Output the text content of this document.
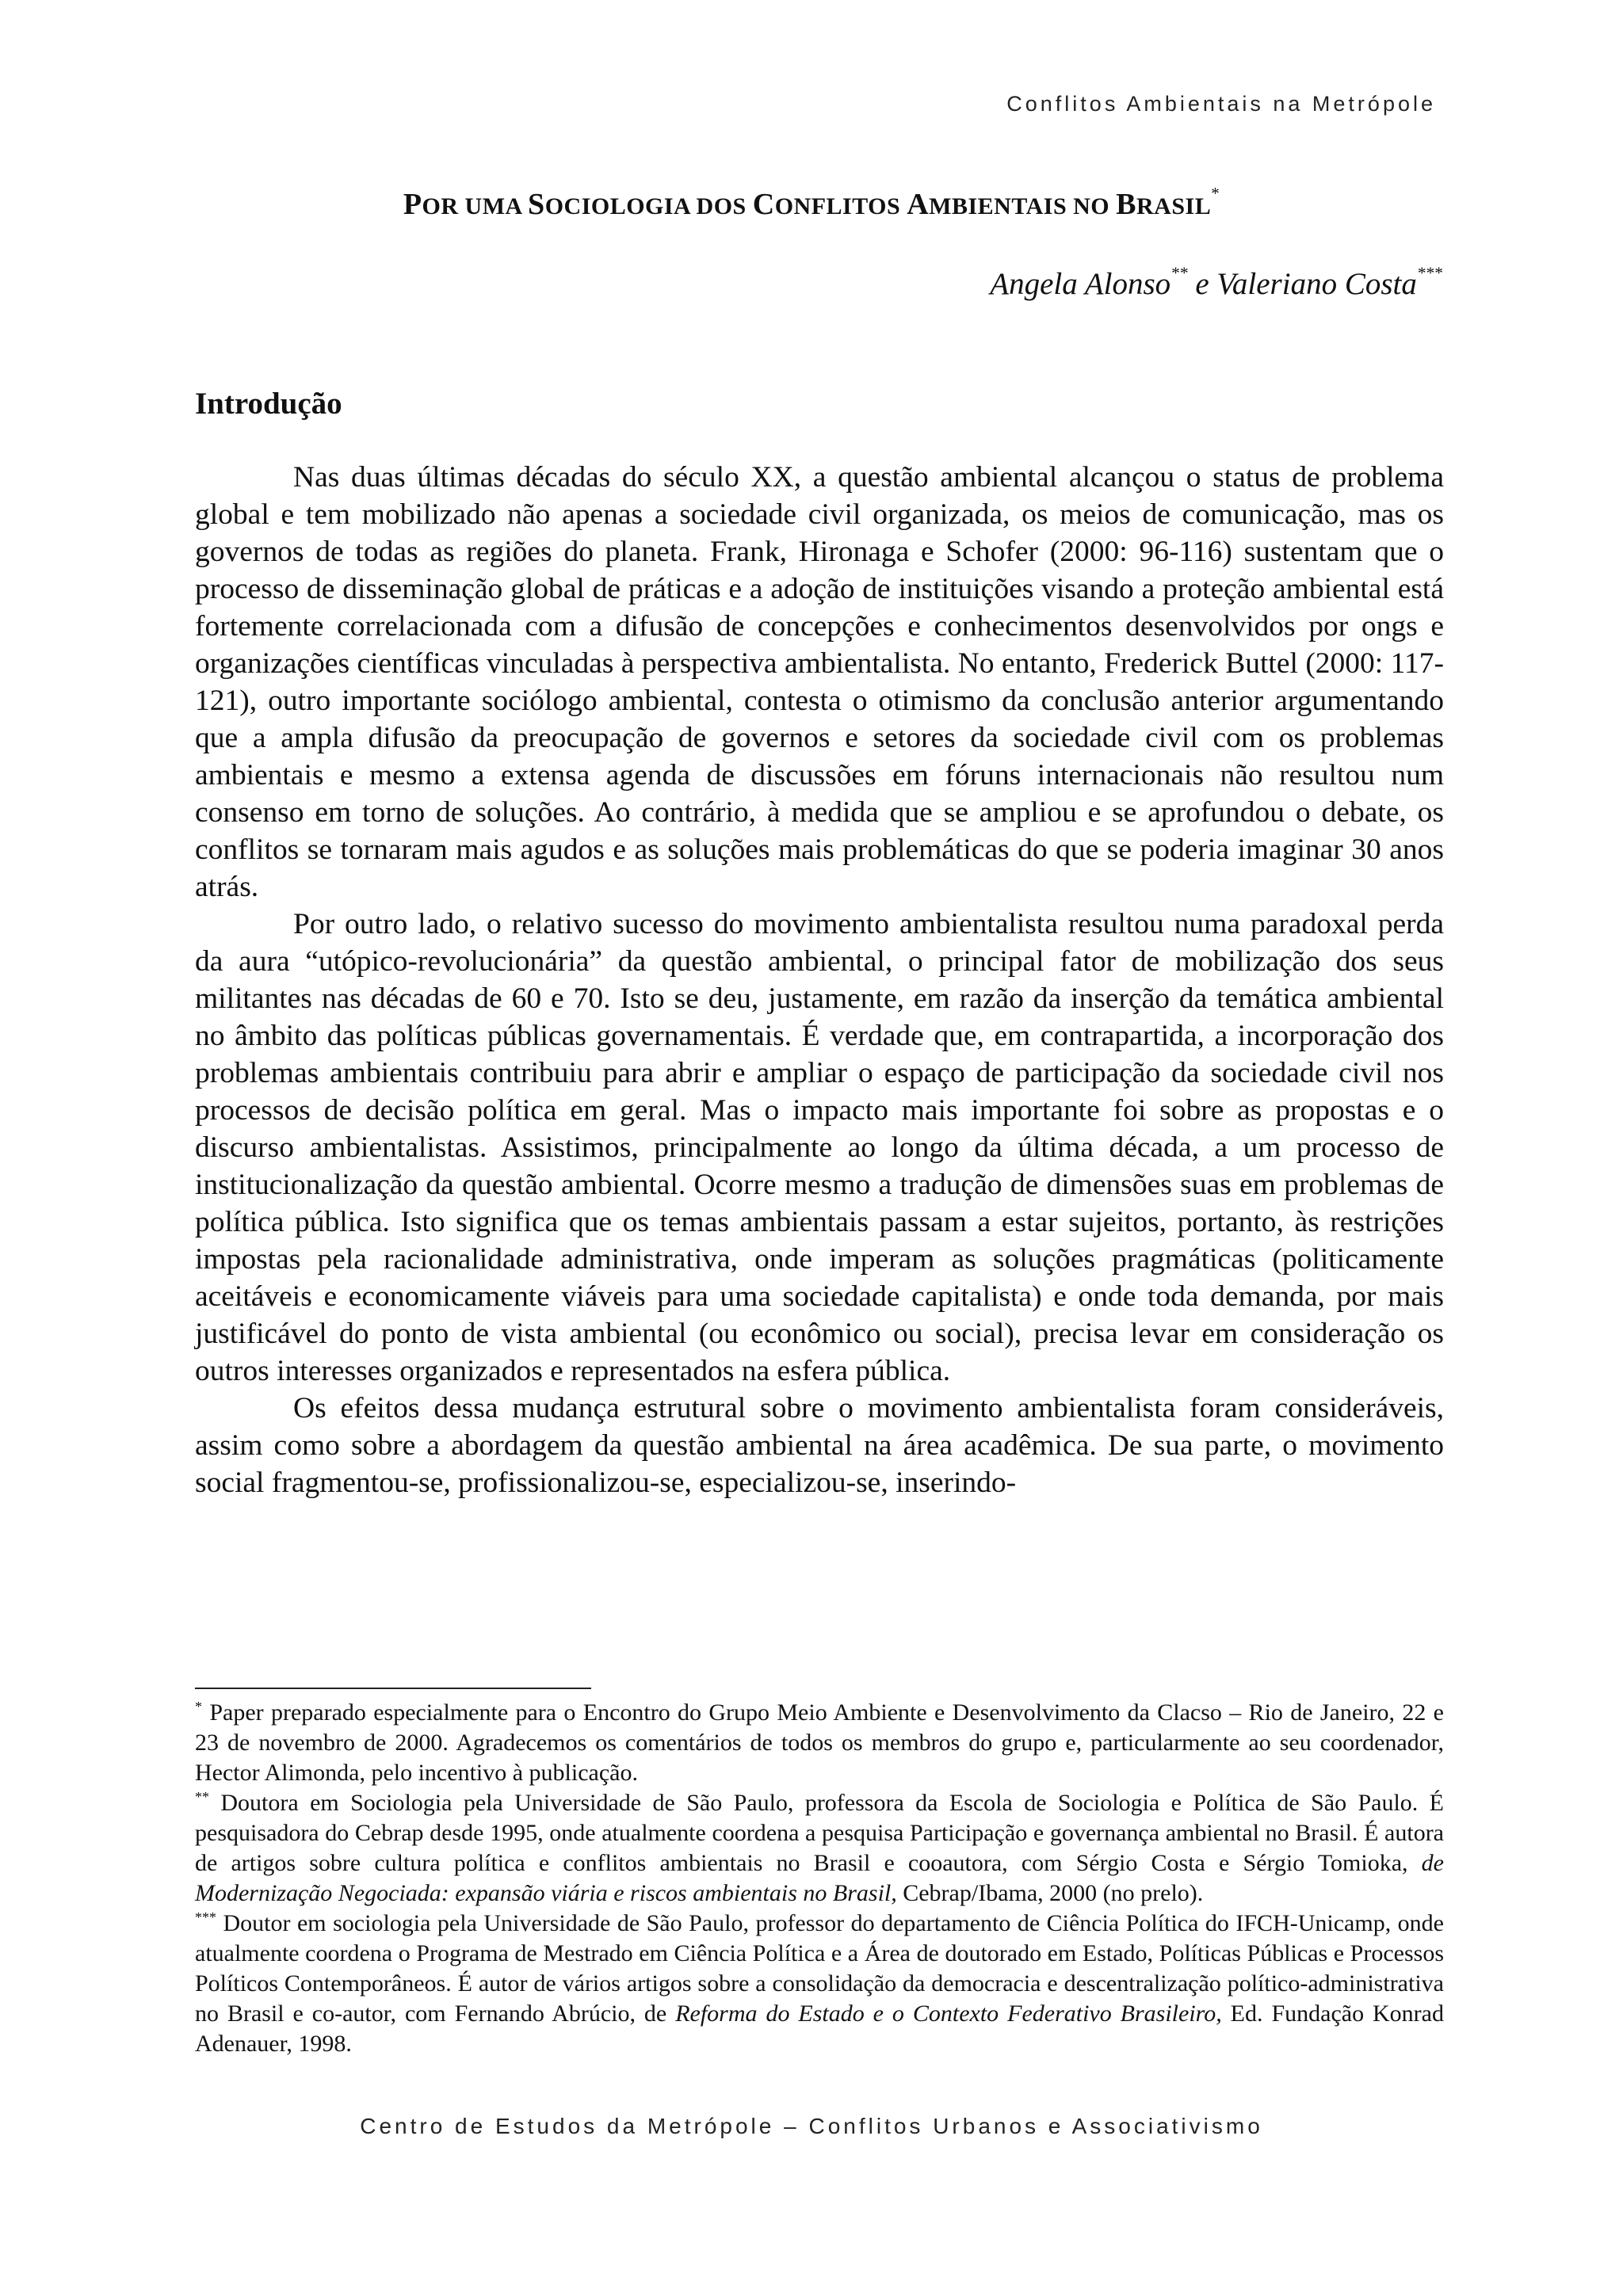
Conflitos Ambientais na Metrópole
POR UMA SOCIOLOGIA DOS CONFLITOS AMBIENTAIS NO BRASIL*
Angela Alonso** e Valeriano Costa***
Introdução

Nas duas últimas décadas do século XX, a questão ambiental alcançou o status de problema global e tem mobilizado não apenas a sociedade civil organizada, os meios de comunicação, mas os governos de todas as regiões do planeta. Frank, Hironaga e Schofer (2000: 96-116) sustentam que o processo de disseminação global de práticas e a adoção de instituições visando a proteção ambiental está fortemente correlacionada com a difusão de concepções e conhecimentos desenvolvidos por ongs e organizações científicas vinculadas à perspectiva ambientalista. No entanto, Frederick Buttel (2000: 117-121), outro importante sociólogo ambiental, contesta o otimismo da conclusão anterior argumentando que a ampla difusão da preocupação de governos e setores da sociedade civil com os problemas ambientais e mesmo a extensa agenda de discussões em fóruns internacionais não resultou num consenso em torno de soluções. Ao contrário, à medida que se ampliou e se aprofundou o debate, os conflitos se tornaram mais agudos e as soluções mais problemáticas do que se poderia imaginar 30 anos atrás.

Por outro lado, o relativo sucesso do movimento ambientalista resultou numa paradoxal perda da aura “utópico-revolucionária” da questão ambiental, o principal fator de mobilização dos seus militantes nas décadas de 60 e 70. Isto se deu, justamente, em razão da inserção da temática ambiental no âmbito das políticas públicas governamentais. É verdade que, em contrapartida, a incorporação dos problemas ambientais contribuiu para abrir e ampliar o espaço de participação da sociedade civil nos processos de decisão política em geral. Mas o impacto mais importante foi sobre as propostas e o discurso ambientalistas. Assistimos, principalmente ao longo da última década, a um processo de institucionalização da questão ambiental. Ocorre mesmo a tradução de dimensões suas em problemas de política pública. Isto significa que os temas ambientais passam a estar sujeitos, portanto, às restrições impostas pela racionalidade administrativa, onde imperam as soluções pragmáticas (politicamente aceitáveis e economicamente viáveis para uma sociedade capitalista) e onde toda demanda, por mais justificável do ponto de vista ambiental (ou econômico ou social), precisa levar em consideração os outros interesses organizados e representados na esfera pública.

Os efeitos dessa mudança estrutural sobre o movimento ambientalista foram consideráveis, assim como sobre a abordagem da questão ambiental na área acadêmica. De sua parte, o movimento social fragmentou-se, profissionalizou-se, especializou-se, inserindo-

* Paper preparado especialmente para o Encontro do Grupo Meio Ambiente e Desenvolvimento da Clacso – Rio de Janeiro, 22 e 23 de novembro de 2000. Agradecemos os comentários de todos os membros do grupo e, particularmente ao seu coordenador, Hector Alimonda, pelo incentivo à publicação.

** Doutora em Sociologia pela Universidade de São Paulo, professora da Escola de Sociologia e Política de São Paulo. É pesquisadora do Cebrap desde 1995, onde atualmente coordena a pesquisa Participação e governança ambiental no Brasil. É autora de artigos sobre cultura política e conflitos ambientais no Brasil e cooautora, com Sérgio Costa e Sérgio Tomioka, de Modernização Negociada: expansão viária e riscos ambientais no Brasil, Cebrap/Ibama, 2000 (no prelo).

*** Doutor em sociologia pela Universidade de São Paulo, professor do departamento de Ciência Política do IFCH-Unicamp, onde atualmente coordena o Programa de Mestrado em Ciência Política e a Área de doutorado em Estado, Políticas Públicas e Processos Políticos Contemporâneos. É autor de vários artigos sobre a consolidação da democracia e descentralização político-administrativa no Brasil e co-autor, com Fernando Abrúcio, de Reforma do Estado e o Contexto Federativo Brasileiro, Ed. Fundação Konrad Adenauer, 1998.

Centro de Estudos da Metrópole – Conflitos Urbanos e Associativismo
